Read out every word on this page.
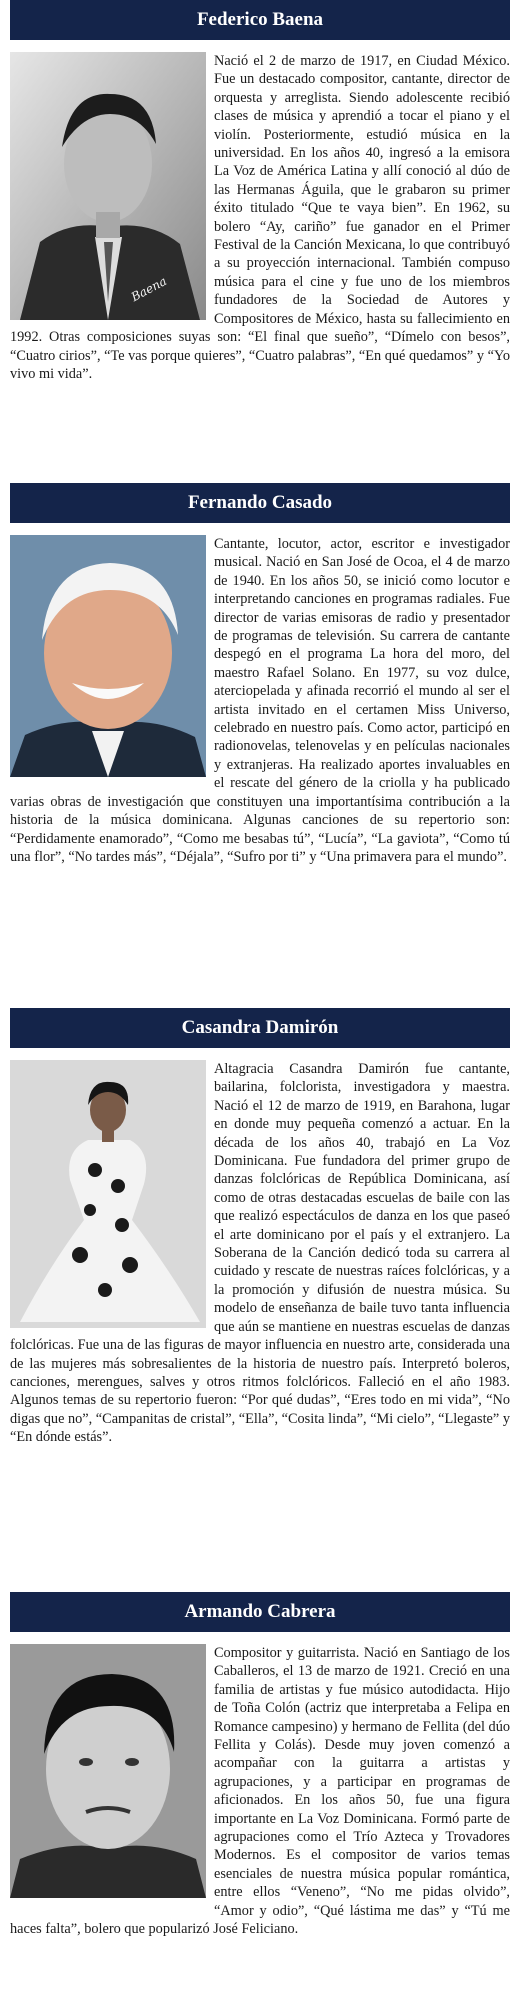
Federico Baena
Baena
Nació el 2 de marzo de 1917, en Ciudad México. Fue un destacado compositor, cantante, director de orquesta y arreglista. Siendo adolescente recibió clases de música y aprendió a tocar el piano y el violín. Posteriormente, estudió música en la universidad. En los años 40, ingresó a la emisora La Voz de América Latina y allí conoció al dúo de las Hermanas Águila, que le grabaron su primer éxito titulado “Que te vaya bien”. En 1962, su bolero “Ay, cariño” fue ganador en el Primer Festival de la Canción Mexicana, lo que contribuyó a su proyección internacional. También compuso música para el cine y fue uno de los miembros fundadores de la Sociedad de Autores y Compositores de México, hasta su fallecimiento en 1992. Otras composiciones suyas son: “El final que sueño”, “Dímelo con besos”, “Cuatro cirios”, “Te vas porque quieres”, “Cuatro palabras”, “En qué quedamos” y “Yo vivo mi vida”.
Fernando Casado
Cantante, locutor, actor, escritor e investigador musical. Nació en San José de Ocoa, el 4 de marzo de 1940. En los años 50, se inició como locutor e interpretando canciones en programas radiales. Fue director de varias emisoras de radio y presentador de programas de televisión. Su carrera de cantante despegó en el programa La hora del moro, del maestro Rafael Solano. En 1977, su voz dulce, aterciopelada y afinada recorrió el mundo al ser el artista invitado en el certamen Miss Universo, celebrado en nuestro país. Como actor, participó en radionovelas, telenovelas y en películas nacionales y extranjeras. Ha realizado aportes invaluables en el rescate del género de la criolla y ha publicado varias obras de investigación que constituyen una importantísima contribución a la historia de la música dominicana. Algunas canciones de su repertorio son: “Perdidamente enamorado”, “Como me besabas tú”, “Lucía”, “La gaviota”, “Como tú una flor”, “No tardes más”, “Déjala”, “Sufro por ti” y “Una primavera para el mundo”.
Casandra Damirón
Altagracia Casandra Damirón fue cantante, bailarina, folclorista, investigadora y maestra. Nació el 12 de marzo de 1919, en Barahona, lugar en donde muy pequeña comenzó a actuar. En la década de los años 40, trabajó en La Voz Dominicana. Fue fundadora del primer grupo de danzas folclóricas de República Dominicana, así como de otras destacadas escuelas de baile con las que realizó espectáculos de danza en los que paseó el arte dominicano por el país y el extranjero. La Soberana de la Canción dedicó toda su carrera al cuidado y rescate de nuestras raíces folclóricas, y a la promoción y difusión de nuestra música. Su modelo de enseñanza de baile tuvo tanta influencia que aún se mantiene en nuestras escuelas de danzas folclóricas. Fue una de las figuras de mayor influencia en nuestro arte, considerada una de las mujeres más sobresalientes de la historia de nuestro país. Interpretó boleros, canciones, merengues, salves y otros ritmos folclóricos. Falleció en el año 1983. Algunos temas de su repertorio fueron: “Por qué dudas”, “Eres todo en mi vida”, “No digas que no”, “Campanitas de cristal”, “Ella”, “Cosita linda”, “Mi cielo”, “Llegaste” y “En dónde estás”.
Armando Cabrera
Compositor y guitarrista. Nació en Santiago de los Caballeros, el 13 de marzo de 1921. Creció en una familia de artistas y fue músico autodidacta. Hijo de Toña Colón (actriz que interpretaba a Felipa en Romance campesino) y hermano de Fellita (del dúo Fellita y Colás). Desde muy joven comenzó a acompañar con la guitarra a artistas y agrupaciones, y a participar en programas de aficionados. En los años 50, fue una figura importante en La Voz Dominicana. Formó parte de agrupaciones como el Trío Azteca y Trovadores Modernos. Es el compositor de varios temas esenciales de nuestra música popular romántica, entre ellos “Veneno”, “No me pidas olvido”, “Amor y odio”, “Qué lástima me das” y “Tú me haces falta”, bolero que popularizó José Feliciano.
